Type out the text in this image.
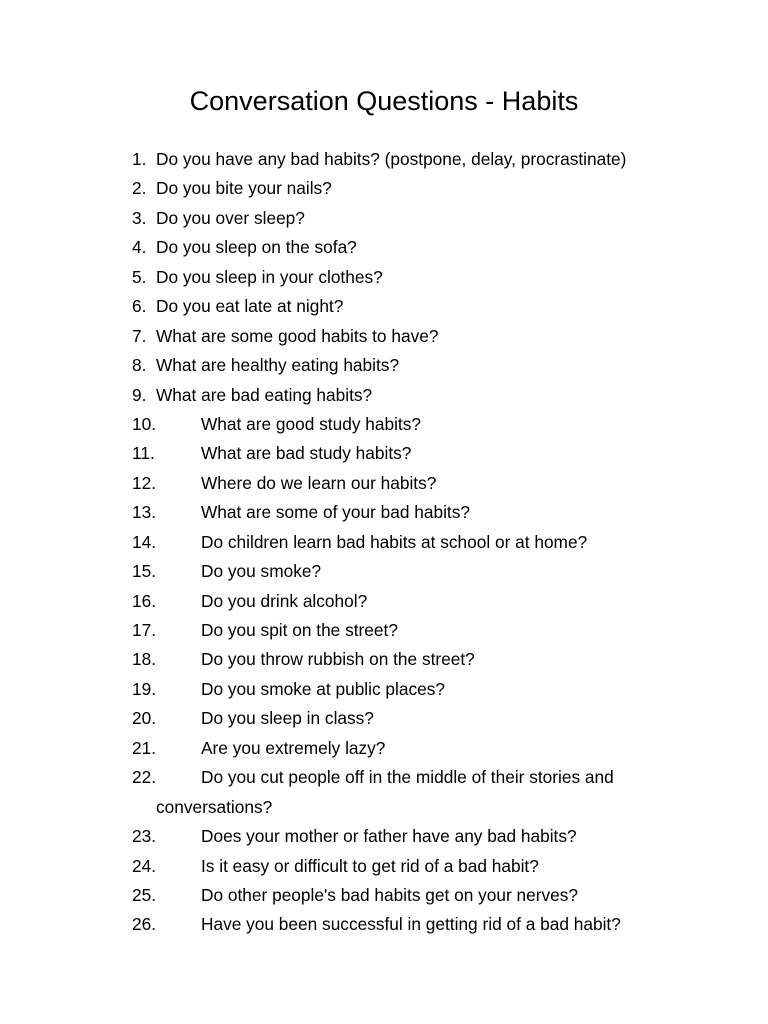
Conversation Questions - Habits
1. Do you have any bad habits? (postpone, delay, procrastinate)
2. Do you bite your nails?
3. Do you over sleep?
4. Do you sleep on the sofa?
5. Do you sleep in your clothes?
6. Do you eat late at night?
7. What are some good habits to have?
8. What are healthy eating habits?
9. What are bad eating habits?
10.	What are good study habits?
11.	What are bad study habits?
12.	Where do we learn our habits?
13.	What are some of your bad habits?
14.	Do children learn bad habits at school or at home?
15.	Do you smoke?
16.	Do you drink alcohol?
17.	Do you spit on the street?
18.	Do you throw rubbish on the street?
19.	Do you smoke at public places?
20.	Do you sleep in class?
21.	Are you extremely lazy?
22.	Do you cut people off in the middle of their stories and
conversations?
23.	Does your mother or father have any bad habits?
24.	Is it easy or difficult to get rid of a bad habit?
25.	Do other people's bad habits get on your nerves?
26.	Have you been successful in getting rid of a bad habit?
